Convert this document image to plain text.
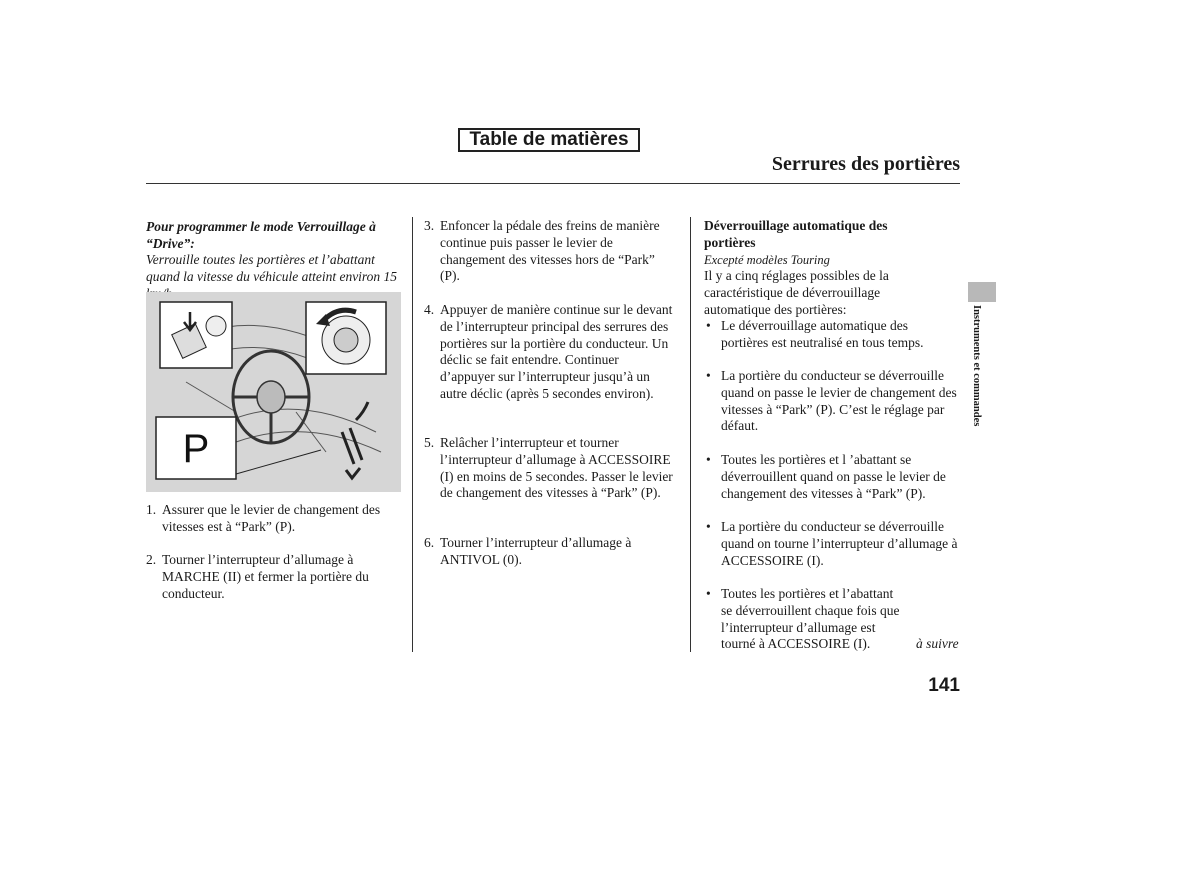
Table de matières
Serrures des portières
Pour programmer le mode Verrouillage à “Drive”:
Verrouille toutes les portières et l’abattant quand la vitesse du véhicule atteint environ 15
P
1. Assurer que le levier de changement des vitesses est à “Park” (P).
2. Tourner l’interrupteur d’allumage à MARCHE (II) et fermer la portière du conducteur.
3. Enfoncer la pédale des freins de manière continue puis passer le levier de changement des vitesses hors de “Park” (P).
4. Appuyer de manière continue sur le devant de l’interrupteur principal des serrures des portières sur la portière du conducteur. Un déclic se fait entendre. Continuer d’appuyer sur l’interrupteur jusqu’à un autre déclic (après 5 secondes environ).
5. Relâcher l’interrupteur et tourner l’interrupteur d’allumage à ACCESSOIRE (I) en moins de 5 secondes. Passer le levier de changement des vitesses à “Park” (P).
6. Tourner l’interrupteur d’allumage à ANTIVOL (0).
Déverrouillage automatique des portières
Excepté modèles Touring
Il y a cinq réglages possibles de la caractéristique de déverrouillage automatique des portières:
• Le déverrouillage automatique des portières est neutralisé en tous temps.
• La portière du conducteur se déverrouille quand on passe le levier de changement des vitesses à “Park” (P). C’est le réglage par défaut.
• Toutes les portières et l ’abattant se déverrouillent quand on passe le levier de changement des vitesses à “Park” (P).
• La portière du conducteur se déverrouille quand on tourne l’interrupteur d’allumage à ACCESSOIRE (I).
• Toutes les portières et l’abattant se déverrouillent chaque fois que l’interrupteur d’allumage est tourné à ACCESSOIRE (I).	à suivre
Instruments et commandes
141
